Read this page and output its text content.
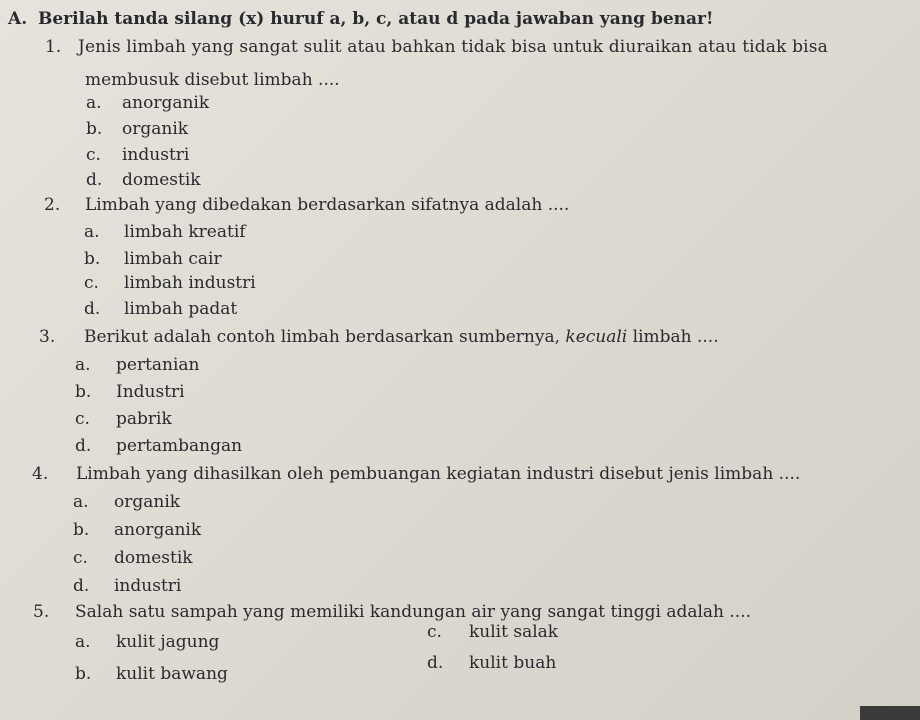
A. Berilah tanda silang (x) huruf a, b, c, atau d pada jawaban yang benar!
1. Jenis limbah yang sangat sulit atau bahkan tidak bisa untuk diuraikan atau tidak bisa
membusuk disebut limbah ....
a. anorganik
b. organik
c. industri
d. domestik
2. Limbah yang dibedakan berdasarkan sifatnya adalah ....
a. limbah kreatif
b. limbah cair
c. limbah industri
d. limbah padat
3. Berikut adalah contoh limbah berdasarkan sumbernya, kecuali limbah ....
a. pertanian
b. Industri
c. pabrik
d. pertambangan
4. Limbah yang dihasilkan oleh pembuangan kegiatan industri disebut jenis limbah ....
a. organik
b. anorganik
c. domestik
d. industri
5. Salah satu sampah yang memiliki kandungan air yang sangat tinggi adalah ....
a. kulit jagung
b. kulit bawang
c. kulit salak
d. kulit buah
